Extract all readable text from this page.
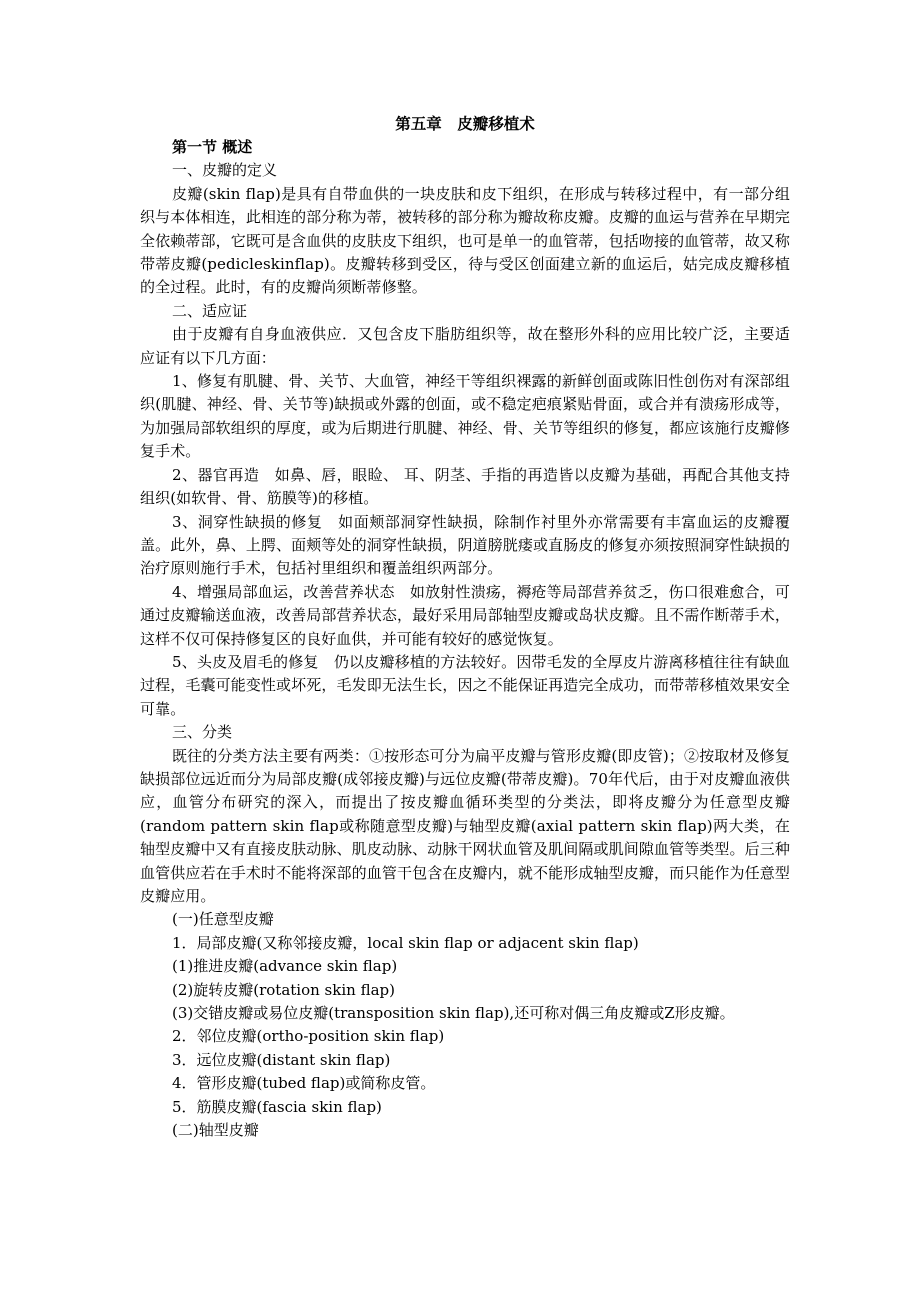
第五章　皮瓣移植术
第一节 概述

一、皮瓣的定义

皮瓣(skin flap)是具有自带血供的一块皮肤和皮下组织，在形成与转移过程中，有一部分组织与本体相连，此相连的部分称为蒂，被转移的部分称为瓣故称皮瓣。皮瓣的血运与营养在早期完全依赖蒂部，它既可是含血供的皮肤皮下组织，也可是单一的血管蒂，包括吻接的血管蒂，故又称带蒂皮瓣(pedicleskinflap)。皮瓣转移到受区，待与受区创面建立新的血运后，姑完成皮瓣移植的全过程。此时，有的皮瓣尚须断蒂修整。

二、适应证

由于皮瓣有自身血液供应．又包含皮下脂肪组织等，故在整形外科的应用比较广泛，主要适应证有以下几方面：

1、修复有肌腱、骨、关节、大血管，神经干等组织裸露的新鲜创面或陈旧性创伤对有深部组织(肌腱、神经、骨、关节等)缺损或外露的创面，或不稳定疤痕紧贴骨面，或合并有溃疡形成等，为加强局部软组织的厚度，或为后期进行肌腱、神经、骨、关节等组织的修复，都应该施行皮瓣修复手术。

2、器官再造　如鼻、唇，眼睑、 耳、阴茎、手指的再造皆以皮瓣为基础，再配合其他支持组织(如软骨、骨、筋膜等)的移植。

3、洞穿性缺损的修复　如面颊部洞穿性缺损，除制作衬里外亦常需要有丰富血运的皮瓣覆盖。此外，鼻、上腭、面颊等处的洞穿性缺损，阴道膀胱瘘或直肠皮的修复亦须按照洞穿性缺损的治疗原则施行手术，包括衬里组织和覆盖组织两部分。

4、增强局部血运，改善营养状态　如放射性溃疡，褥疮等局部营养贫乏，伤口很难愈合，可通过皮瓣输送血液，改善局部营养状态，最好采用局部轴型皮瓣或岛状皮瓣。且不需作断蒂手术，这样不仅可保持修复区的良好血供，并可能有较好的感觉恢复。

5、头皮及眉毛的修复　仍以皮瓣移植的方法较好。因带毛发的全厚皮片游离移植往往有缺血过程，毛囊可能变性或坏死，毛发即无法生长，因之不能保证再造完全成功，而带蒂移植效果安全可靠。

三、分类

既往的分类方法主要有两类：①按形态可分为扁平皮瓣与管形皮瓣(即皮管)；②按取材及修复缺损部位远近而分为局部皮瓣(成邻接皮瓣)与远位皮瓣(带蒂皮瓣)。70年代后，由于对皮瓣血液供应，血管分布研究的深入，而提出了按皮瓣血循环类型的分类法，即将皮瓣分为任意型皮瓣(random pattern skin flap或称随意型皮瓣)与轴型皮瓣(axial pattern skin flap)两大类，在轴型皮瓣中又有直接皮肤动脉、肌皮动脉、动脉干网状血管及肌间隔或肌间隙血管等类型。后三种血管供应若在手术时不能将深部的血管干包含在皮瓣内，就不能形成轴型皮瓣，而只能作为任意型皮瓣应用。

(一)任意型皮瓣

1．局部皮瓣(又称邻接皮瓣，local skin flap or adjacent skin flap)

(1)推进皮瓣(advance skin flap)

(2)旋转皮瓣(rotation skin flap)

(3)交错皮瓣或易位皮瓣(transposition skin flap),还可称对偶三角皮瓣或Z形皮瓣。

2．邻位皮瓣(ortho-position skin flap)

3．远位皮瓣(distant skin flap)

4．管形皮瓣(tubed flap)或简称皮管。

5．筋膜皮瓣(fascia skin flap)

(二)轴型皮瓣
